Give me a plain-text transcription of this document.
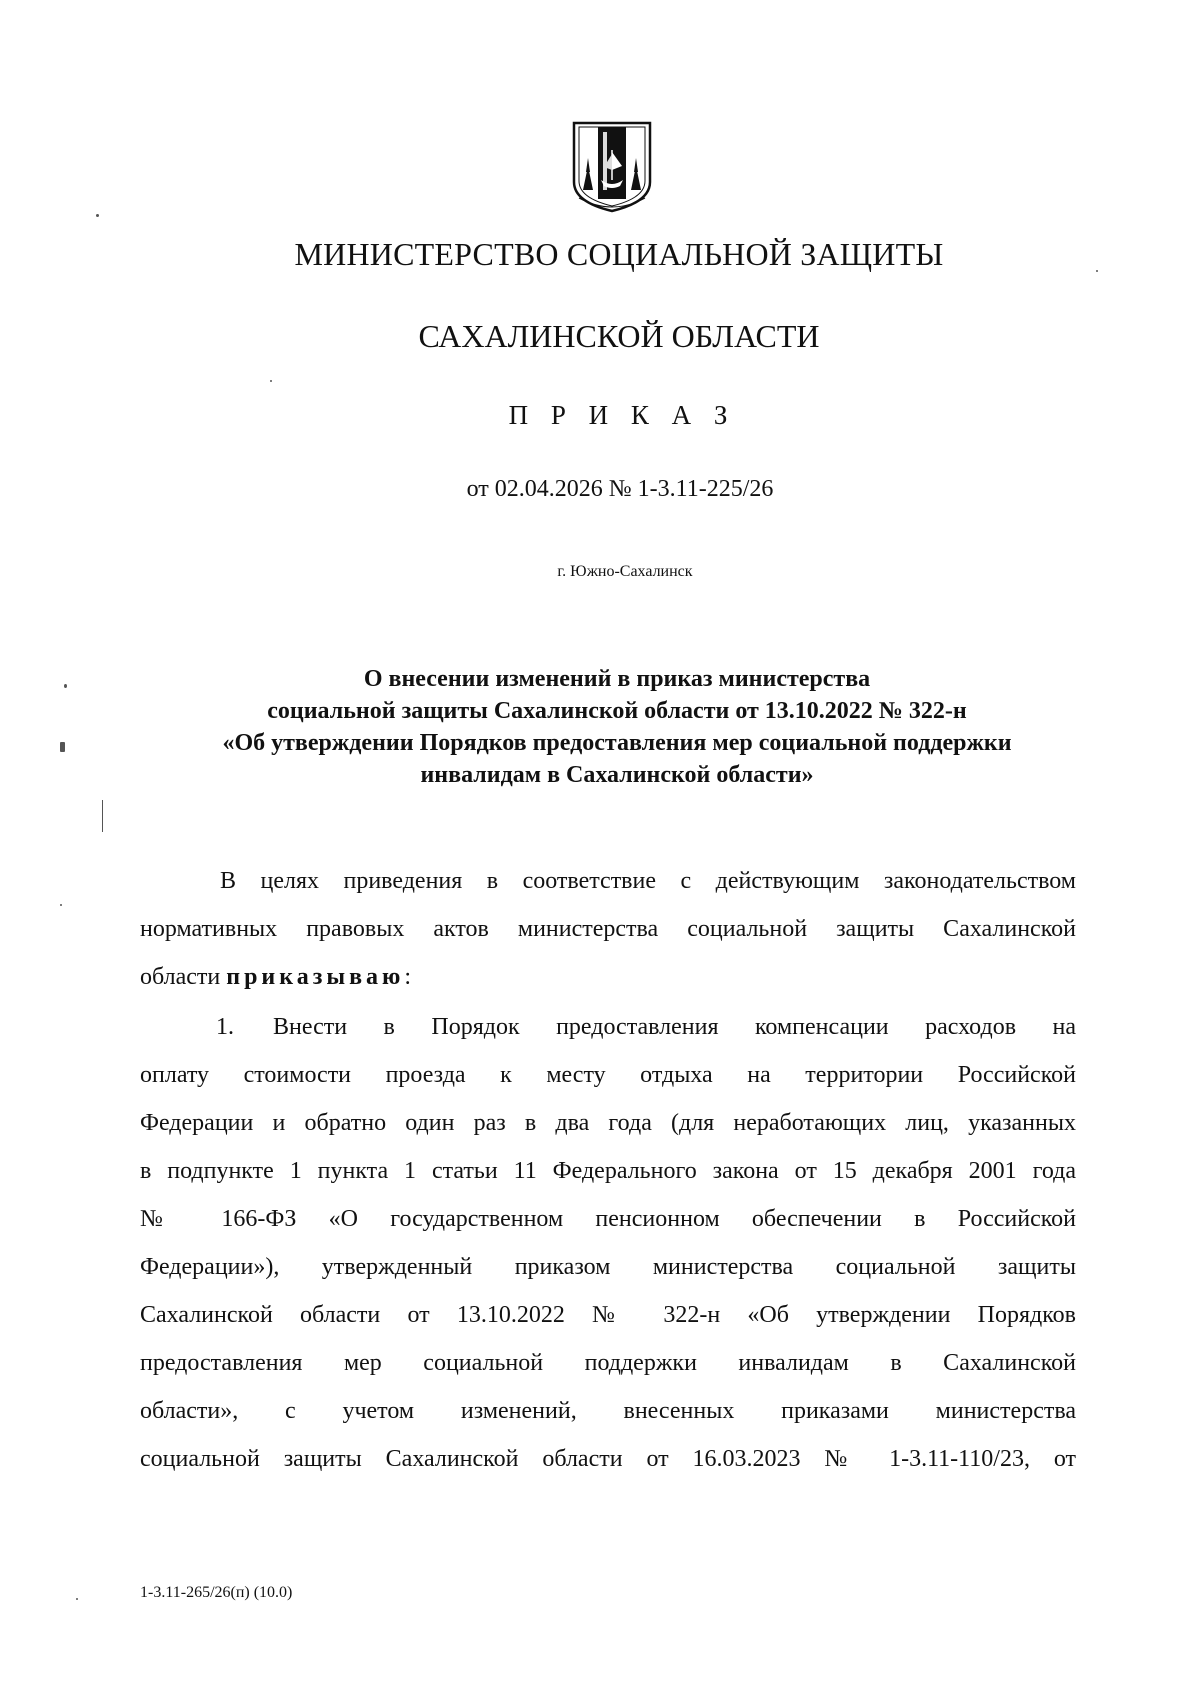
МИНИСТЕРСТВО СОЦИАЛЬНОЙ ЗАЩИТЫ
САХАЛИНСКОЙ ОБЛАСТИ
П Р И К А З
от 02.04.2026 № 1-3.11-225/26
г. Южно-Сахалинск
О внесении изменений в приказ министерства
социальной защиты Сахалинской области от 13.10.2022 № 322-н
«Об утверждении Порядков предоставления мер социальной поддержки
инвалидам в Сахалинской области»
В целях приведения в соответствие с действующим законодательством
нормативных правовых актов министерства социальной защиты Сахалинской
области приказываю:
1. Внести в Порядок предоставления компенсации расходов на
оплату стоимости проезда к месту отдыха на территории Российской
Федерации и обратно один раз в два года (для неработающих лиц, указанных
в подпункте 1 пункта 1 статьи 11 Федерального закона от 15 декабря 2001 года
№ 166-ФЗ «О государственном пенсионном обеспечении в Российской
Федерации»), утвержденный приказом министерства социальной защиты
Сахалинской области от 13.10.2022 № 322-н «Об утверждении Порядков
предоставления мер социальной поддержки инвалидам в Сахалинской
области», с учетом изменений, внесенных приказами министерства
социальной защиты Сахалинской области от 16.03.2023 № 1-3.11-110/23, от
1-3.11-265/26(п) (10.0)
